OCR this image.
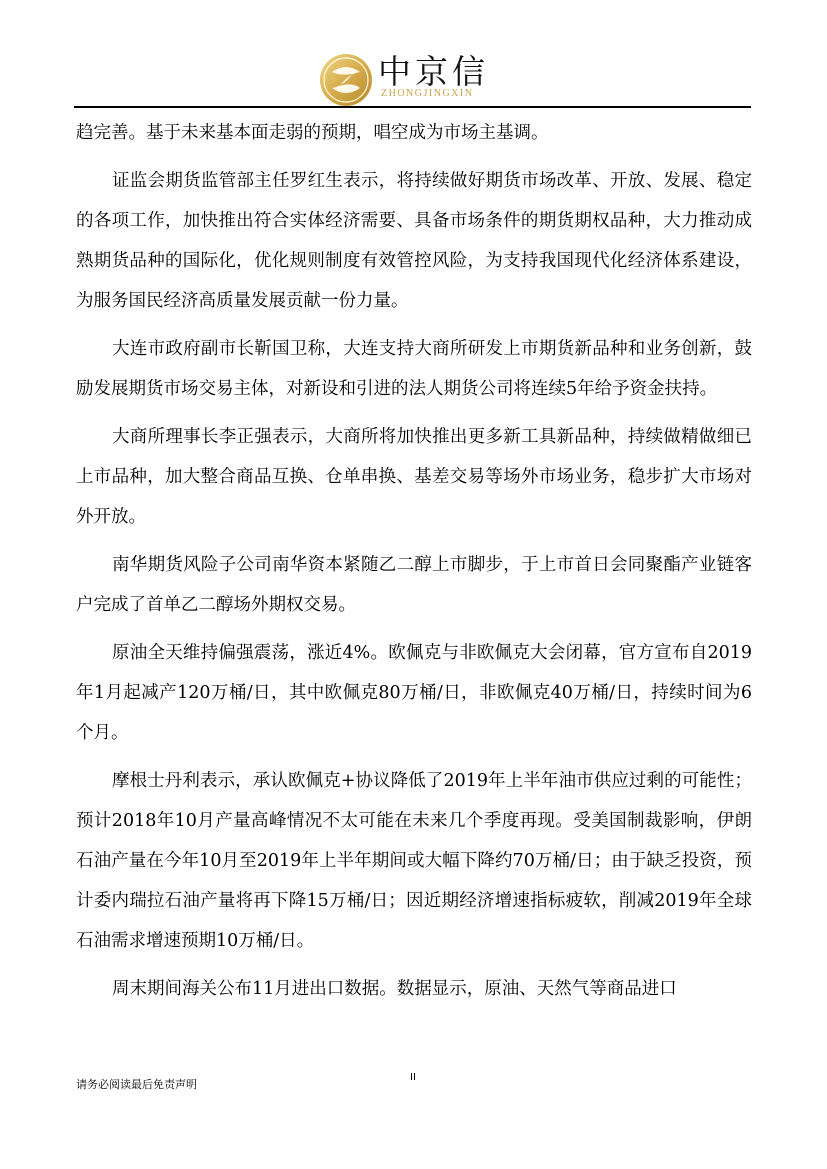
中京信
ZHONGJINGXIN

趋完善。基于未来基本面走弱的预期，唱空成为市场主基调。

证监会期货监管部主任罗红生表示，将持续做好期货市场改革、开放、发展、稳定的各项工作，加快推出符合实体经济需要、具备市场条件的期货期权品种，大力推动成熟期货品种的国际化，优化规则制度有效管控风险，为支持我国现代化经济体系建设，为服务国民经济高质量发展贡献一份力量。

大连市政府副市长靳国卫称，大连支持大商所研发上市期货新品种和业务创新，鼓励发展期货市场交易主体，对新设和引进的法人期货公司将连续5年给予资金扶持。

大商所理事长李正强表示，大商所将加快推出更多新工具新品种，持续做精做细已上市品种，加大整合商品互换、仓单串换、基差交易等场外市场业务，稳步扩大市场对外开放。

南华期货风险子公司南华资本紧随乙二醇上市脚步，于上市首日会同聚酯产业链客户完成了首单乙二醇场外期权交易。

原油全天维持偏强震荡，涨近4%。欧佩克与非欧佩克大会闭幕，官方宣布自2019年1月起减产120万桶/日，其中欧佩克80万桶/日，非欧佩克40万桶/日，持续时间为6个月。

摩根士丹利表示，承认欧佩克+协议降低了2019年上半年油市供应过剩的可能性；预计2018年10月产量高峰情况不太可能在未来几个季度再现。受美国制裁影响，伊朗石油产量在今年10月至2019年上半年期间或大幅下降约70万桶/日；由于缺乏投资，预计委内瑞拉石油产量将再下降15万桶/日；因近期经济增速指标疲软，削减2019年全球石油需求增速预期10万桶/日。

周末期间海关公布11月进出口数据。数据显示，原油、天然气等商品进口

请务必阅读最后免责声明
II
